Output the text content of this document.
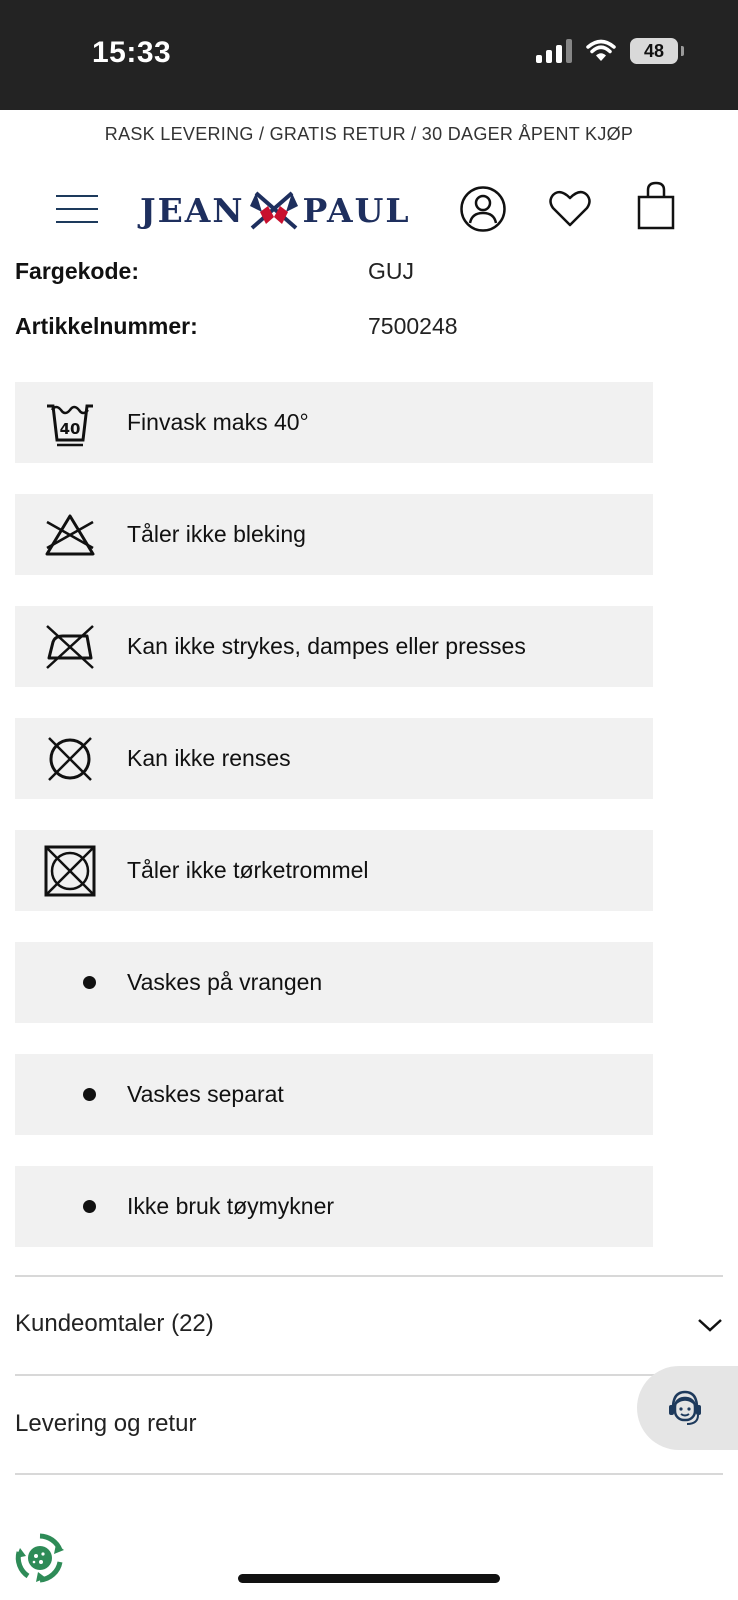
15:33	48
RASK LEVERING / GRATIS RETUR / 30 DAGER ÅPENT KJØP
JEAN PAUL
Fargekode:	GUJ
Artikkelnummer:	7500248
40 Finvask maks 40°
Tåler ikke bleking
Kan ikke strykes, dampes eller presses
Kan ikke renses
Tåler ikke tørketrommel
Vaskes på vrangen
Vaskes separat
Ikke bruk tøymykner
Kundeomtaler (22)
Levering og retur
